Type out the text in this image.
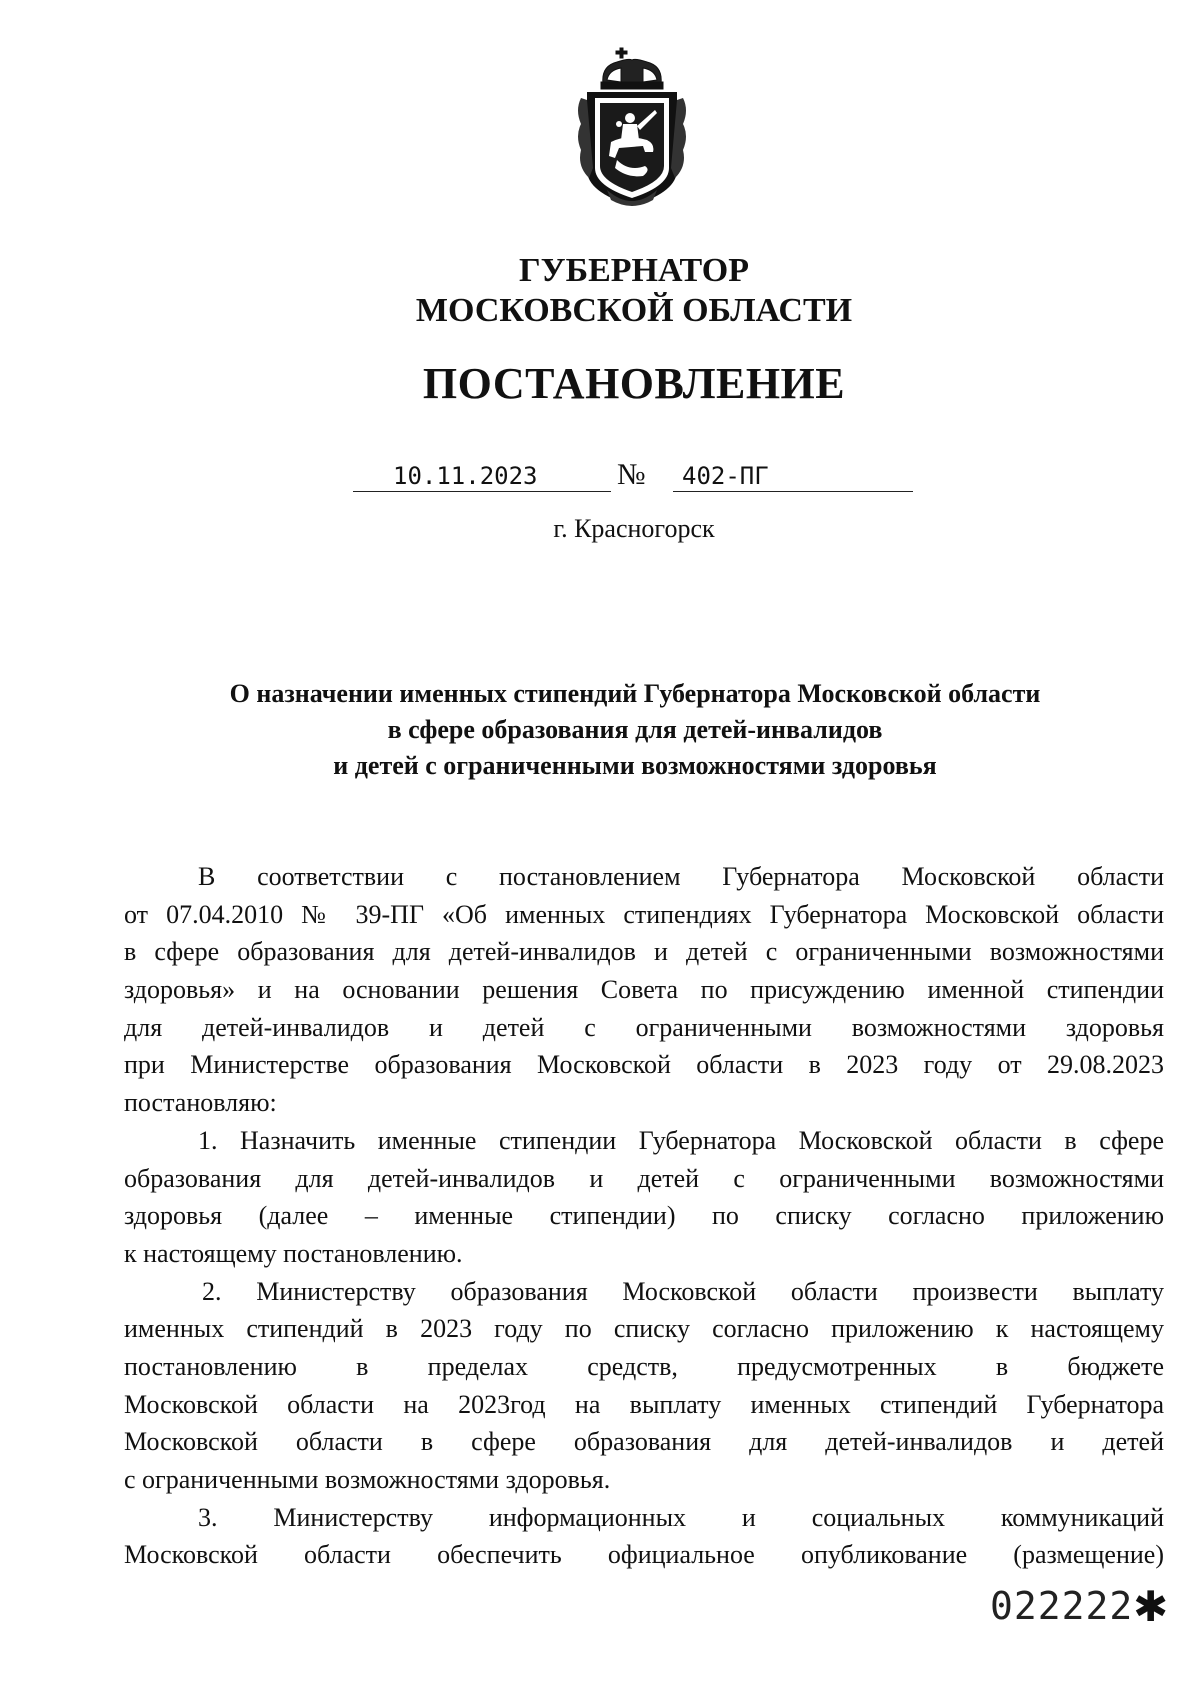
ГУБЕРНАТОР
МОСКОВСКОЙ ОБЛАСТИ
ПОСТАНОВЛЕНИЕ
10.11.2023	№ 402-ПГ
г. Красногорск
О назначении именных стипендий Губернатора Московской области
в сфере образования для детей-инвалидов
и детей с ограниченными возможностями здоровья
В соответствии с постановлением Губернатора Московской области
от 07.04.2010 № 39-ПГ «Об именных стипендиях Губернатора Московской области
в сфере образования для детей-инвалидов и детей с ограниченными возможностями
здоровья» и на основании решения Совета по присуждению именной стипендии
для детей-инвалидов и детей с ограниченными возможностями здоровья
при Министерстве образования Московской области в 2023 году от 29.08.2023
постановляю:
1. Назначить именные стипендии Губернатора Московской области в сфере
образования для детей-инвалидов и детей с ограниченными возможностями
здоровья (далее – именные стипендии) по списку согласно приложению
к настоящему постановлению.
2. Министерству образования Московской области произвести выплату
именных стипендий в 2023 году по списку согласно приложению к настоящему
постановлению в пределах средств, предусмотренных в бюджете
Московской области на 2023год на выплату именных стипендий Губернатора
Московской области в сфере образования для детей-инвалидов и детей
с ограниченными возможностями здоровья.
3. Министерству информационных и социальных коммуникаций
Московской области обеспечить официальное опубликование (размещение)
022222 ✱
